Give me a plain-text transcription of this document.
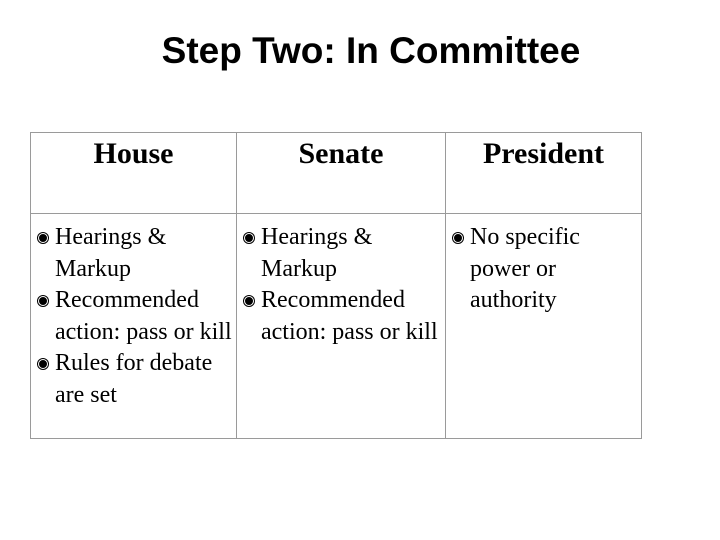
Step Two: In Committee
House	Senate	President
Hearings & Markup
Recommended action: pass or kill
Rules for debate are set
Hearings & Markup
Recommended action: pass or kill
No specific power or authority
